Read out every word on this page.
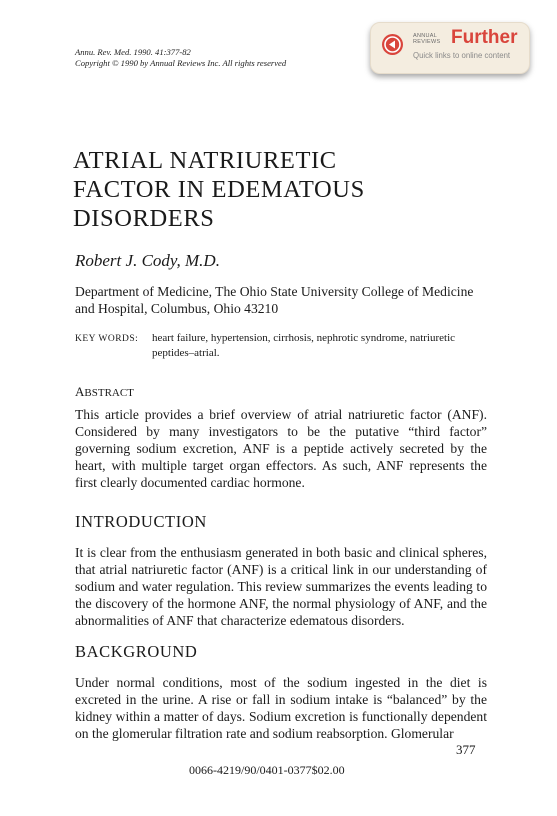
Annu. Rev. Med. 1990. 41:377-82
Copyright © 1990 by Annual Reviews Inc. All rights reserved
ANNUAL
REVIEWS Further
Quick links to online content
ATRIAL NATRIURETIC
FACTOR IN EDEMATOUS
DISORDERS
Robert J. Cody, M.D.
Department of Medicine, The Ohio State University College of Medicine and Hospital, Columbus, Ohio 43210
KEY WORDS: heart failure, hypertension, cirrhosis, nephrotic syndrome, natriuretic peptides–atrial.
ABSTRACT

This article provides a brief overview of atrial natriuretic factor (ANF). Considered by many investigators to be the putative “third factor” governing sodium excretion, ANF is a peptide actively secreted by the heart, with multiple target organ effectors. As such, ANF represents the first clearly documented cardiac hormone.

INTRODUCTION

It is clear from the enthusiasm generated in both basic and clinical spheres, that atrial natriuretic factor (ANF) is a critical link in our understanding of sodium and water regulation. This review summarizes the events leading to the discovery of the hormone ANF, the normal physiology of ANF, and the abnormalities of ANF that characterize edematous disorders.

BACKGROUND

Under normal conditions, most of the sodium ingested in the diet is excreted in the urine. A rise or fall in sodium intake is “balanced” by the kidney within a matter of days. Sodium excretion is functionally dependent on the glomerular filtration rate and sodium reabsorption. Glomerular

377
0066-4219/90/0401-0377$02.00
